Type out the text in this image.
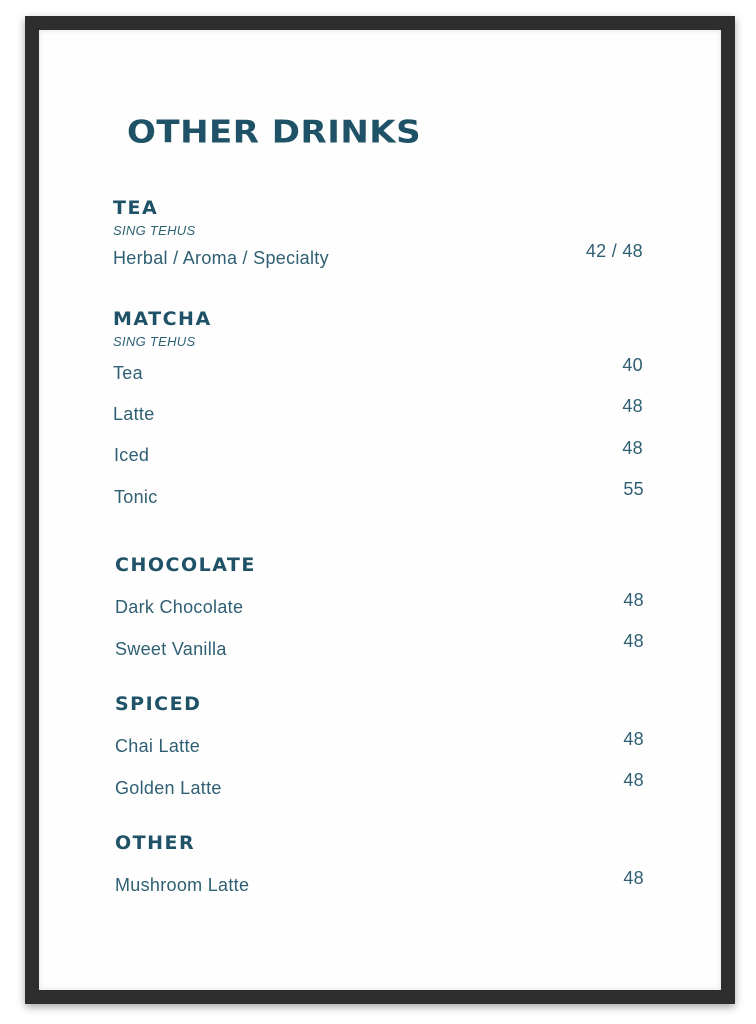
OTHER DRINKS
TEA
SING TEHUS
Herbal / Aroma / Specialty	42 / 48
MATCHA
SING TEHUS
Tea	40
Latte	48
Iced	48
Tonic	55
CHOCOLATE
Dark Chocolate	48
Sweet Vanilla	48
SPICED
Chai Latte	48
Golden Latte	48
OTHER
Mushroom Latte	48
